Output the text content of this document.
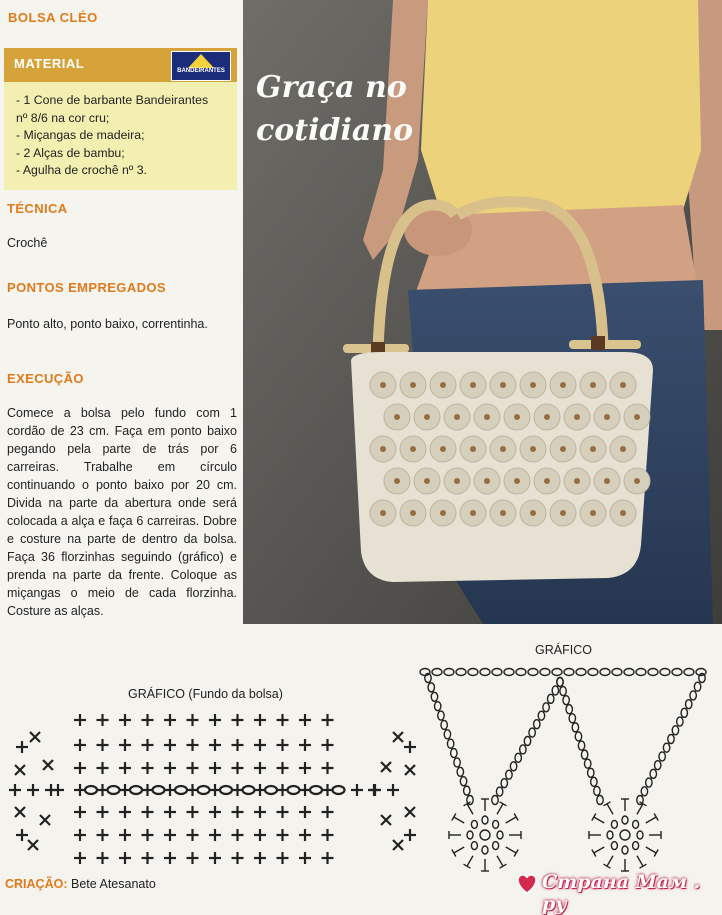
BOLSA CLÉO
MATERIAL	BANDEIRANTES
- 1 Cone de barbante Bandeirantes
nº 8/6 na cor cru;
- Miçangas de madeira;
- 2 Alças de bambu;
- Agulha de crochê nº 3.
TÉCNICA
Crochê
PONTOS EMPREGADOS
Ponto alto, ponto baixo, correntinha.
EXECUÇÃO
Comece a bolsa pelo fundo com 1 cordão de 23 cm. Faça em ponto baixo pegando pela parte de trás por 6 carreiras. Trabalhe em círculo continuando o ponto baixo por 20 cm. Divida na parte da abertura onde será colocada a alça e faça 6 carreiras. Dobre e costure na parte de dentro da bolsa. Faça 36 florzinhas seguindo (gráfico) e prenda na parte da frente. Coloque as miçangas o meio de cada florzinha. Costure as alças.
Graça no
cotidiano
GRÁFICO (Fundo da bolsa)
GRÁFICO
CRIAÇÃO: Bete Atesanato	Страна Мам . ру
